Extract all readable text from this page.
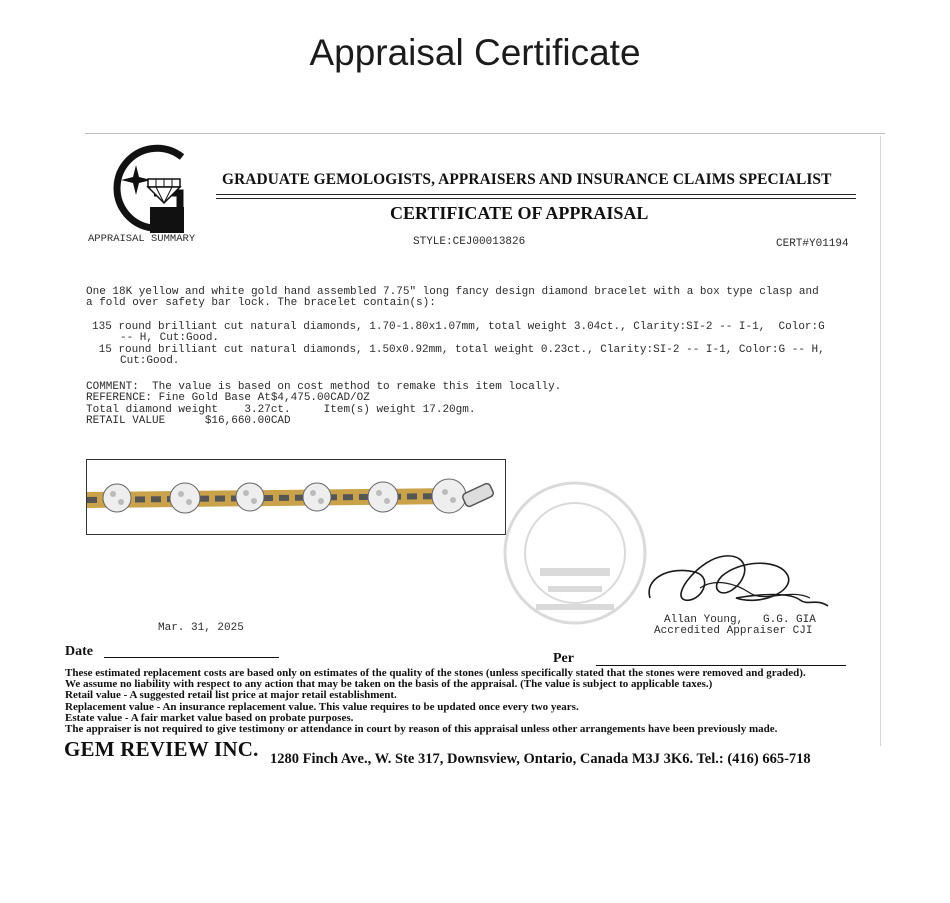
Appraisal Certificate
GRADUATE GEMOLOGISTS, APPRAISERS AND INSURANCE CLAIMS SPECIALIST
CERTIFICATE OF APPRAISAL
APPRAISAL SUMMARY	STYLE:CEJ00013826	CERT#Y01194
One 18K yellow and white gold hand assembled 7.75" long fancy design diamond bracelet with a box type clasp and
a fold over safety bar lock. The bracelet contain(s):
135 round brilliant cut natural diamonds, 1.70-1.80x1.07mm, total weight 3.04ct., Clarity:SI-2 -- I-1,  Color:G
-- H, Cut:Good.
15 round brilliant cut natural diamonds, 1.50x0.92mm, total weight 0.23ct., Clarity:SI-2 -- I-1, Color:G -- H,
Cut:Good.
COMMENT:  The value is based on cost method to remake this item locally.
REFERENCE: Fine Gold Base At$4,475.00CAD/OZ
Total diamond weight    3.27ct.     Item(s) weight 17.20gm.
RETAIL VALUE      $16,660.00CAD
Mar. 31, 2025
Allan Young,   G.G. GIA
Accredited Appraiser CJI
Date	Per
These estimated replacement costs are based only on estimates of the quality of the stones (unless specifically stated that the stones were removed and graded).
We assume no liability with respect to any action that may be taken on the basis of the appraisal. (The value is subject to applicable taxes.)
Retail value - A suggested retail list price at major retail establishment.
Replacement value - An insurance replacement value. This value requires to be updated once every two years.
Estate value - A fair market value based on probate purposes.
The appraiser is not required to give testimony or attendance in court by reason of this appraisal unless other arrangements have been previously made.
GEM REVIEW INC. 1280 Finch Ave., W. Ste 317, Downsview, Ontario, Canada M3J 3K6. Tel.: (416) 665-718
